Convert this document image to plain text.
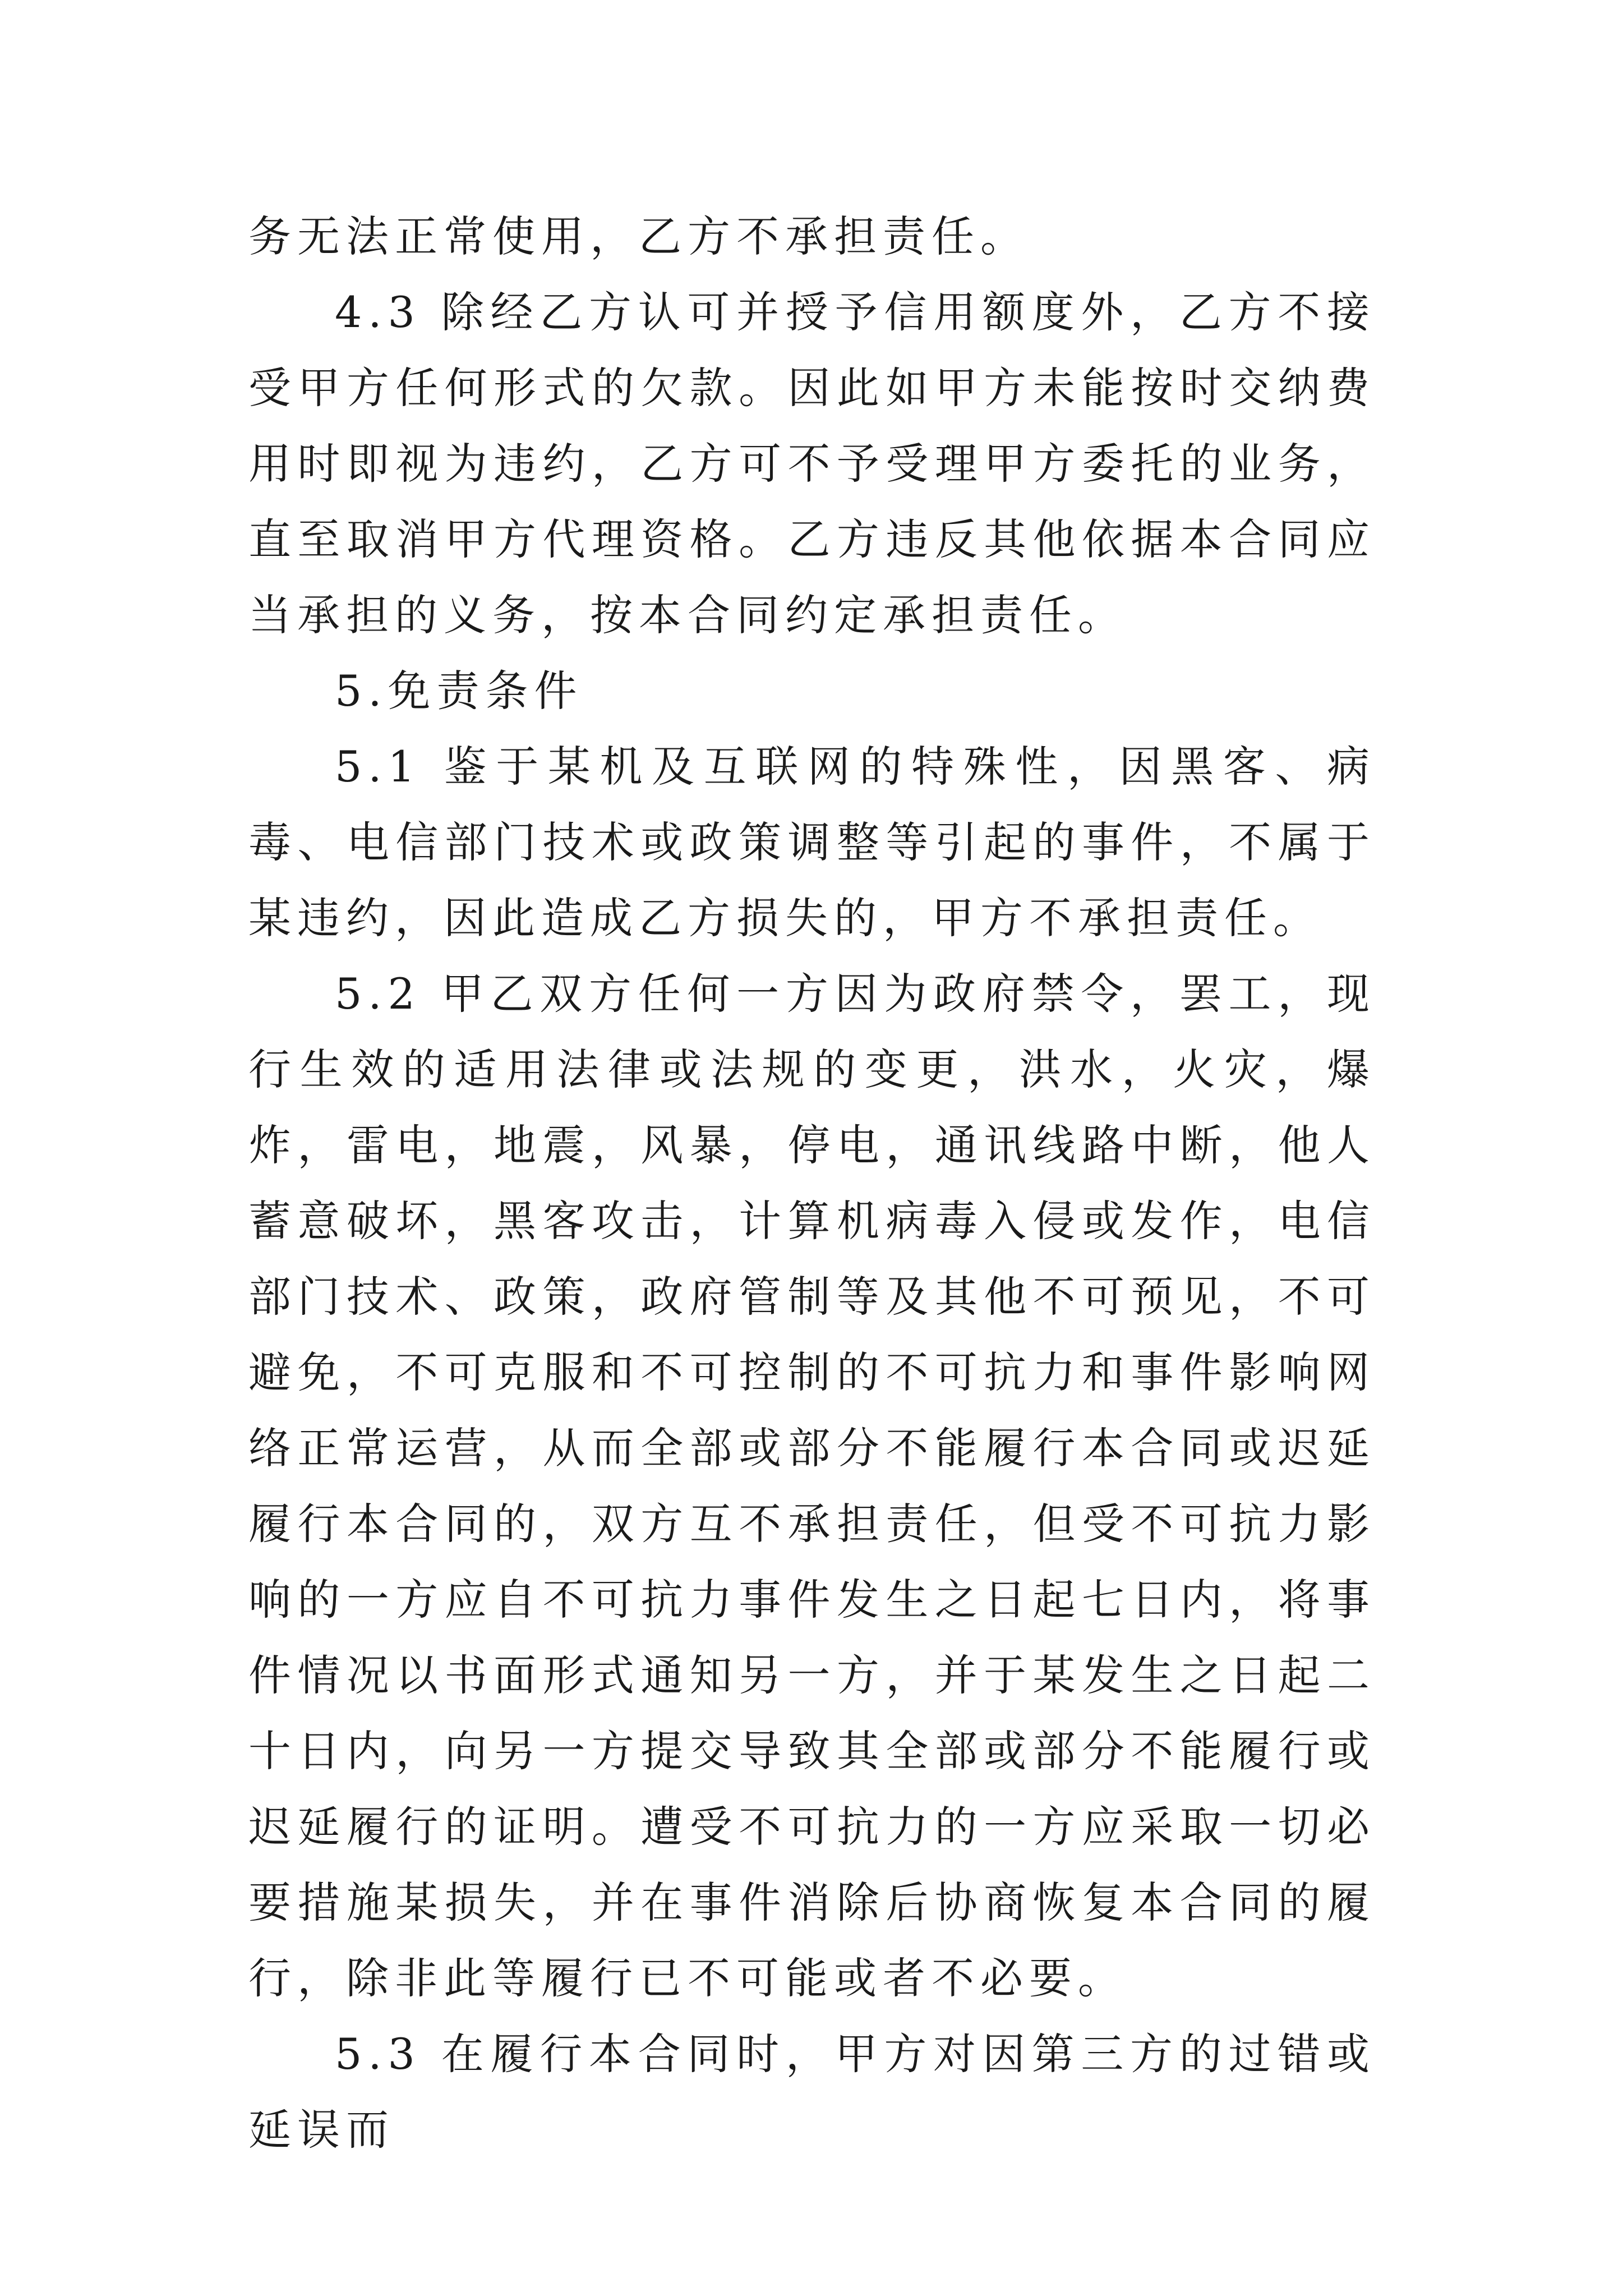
务无法正常使用，乙方不承担责任。

4.3 除经乙方认可并授予信用额度外，乙方不接受甲方任何形式的欠款。因此如甲方未能按时交纳费用时即视为违约，乙方可不予受理甲方委托的业务，直至取消甲方代理资格。乙方违反其他依据本合同应当承担的义务，按本合同约定承担责任。

5.免责条件

5.1 鉴于某机及互联网的特殊性，因黑客、病毒、电信部门技术或政策调整等引起的事件，不属于某违约，因此造成乙方损失的，甲方不承担责任。

5.2 甲乙双方任何一方因为政府禁令，罢工，现行生效的适用法律或法规的变更，洪水，火灾，爆炸，雷电，地震，风暴，停电，通讯线路中断，他人蓄意破坏，黑客攻击，计算机病毒入侵或发作，电信部门技术、政策，政府管制等及其他不可预见，不可避免，不可克服和不可控制的不可抗力和事件影响网络正常运营，从而全部或部分不能履行本合同或迟延履行本合同的，双方互不承担责任，但受不可抗力影响的一方应自不可抗力事件发生之日起七日内，将事件情况以书面形式通知另一方，并于某发生之日起二十日内，向另一方提交导致其全部或部分不能履行或迟延履行的证明。遭受不可抗力的一方应采取一切必要措施某损失，并在事件消除后协商恢复本合同的履行，除非此等履行已不可能或者不必要。

5.3 在履行本合同时，甲方对因第三方的过错或延误而
